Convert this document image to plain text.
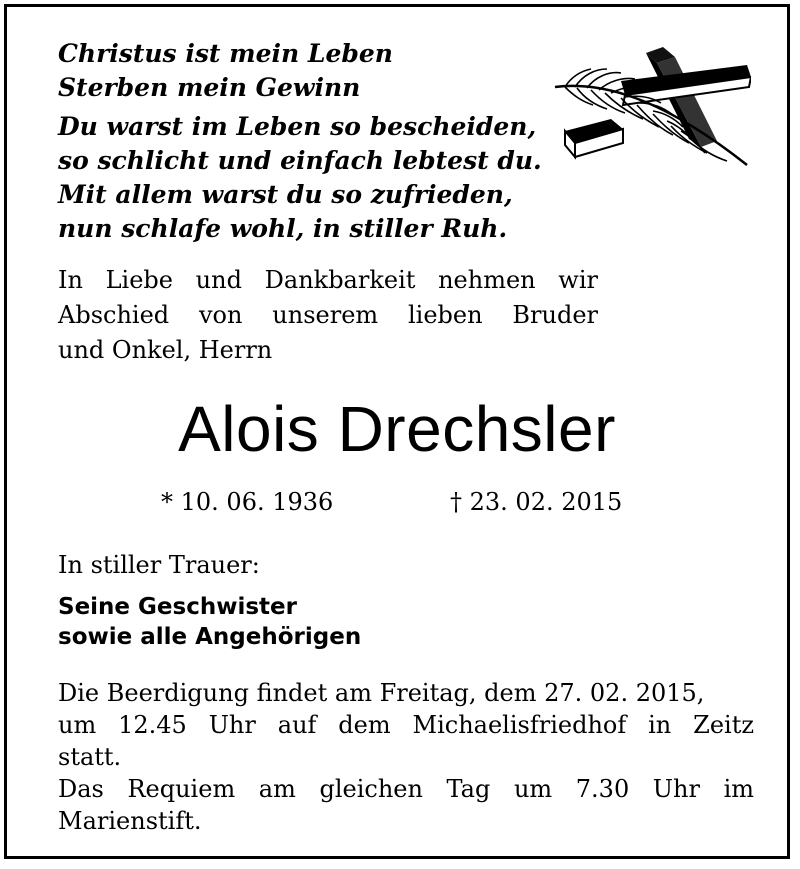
Christus ist mein Leben
Sterben mein Gewinn
Du warst im Leben so bescheiden,
so schlicht und einfach lebtest du.
Mit allem warst du so zufrieden,
nun schlafe wohl, in stiller Ruh.
In Liebe und Dankbarkeit nehmen wir
Abschied von unserem lieben Bruder
und Onkel, Herrn
Alois Drechsler
* 10. 06. 1936	† 23. 02. 2015
In stiller Trauer:
Seine Geschwister
sowie alle Angehörigen
Die Beerdigung findet am Freitag, dem 27. 02. 2015,
um 12.45 Uhr auf dem Michaelisfriedhof in Zeitz
statt.
Das Requiem am gleichen Tag um 7.30 Uhr im
Marienstift.
